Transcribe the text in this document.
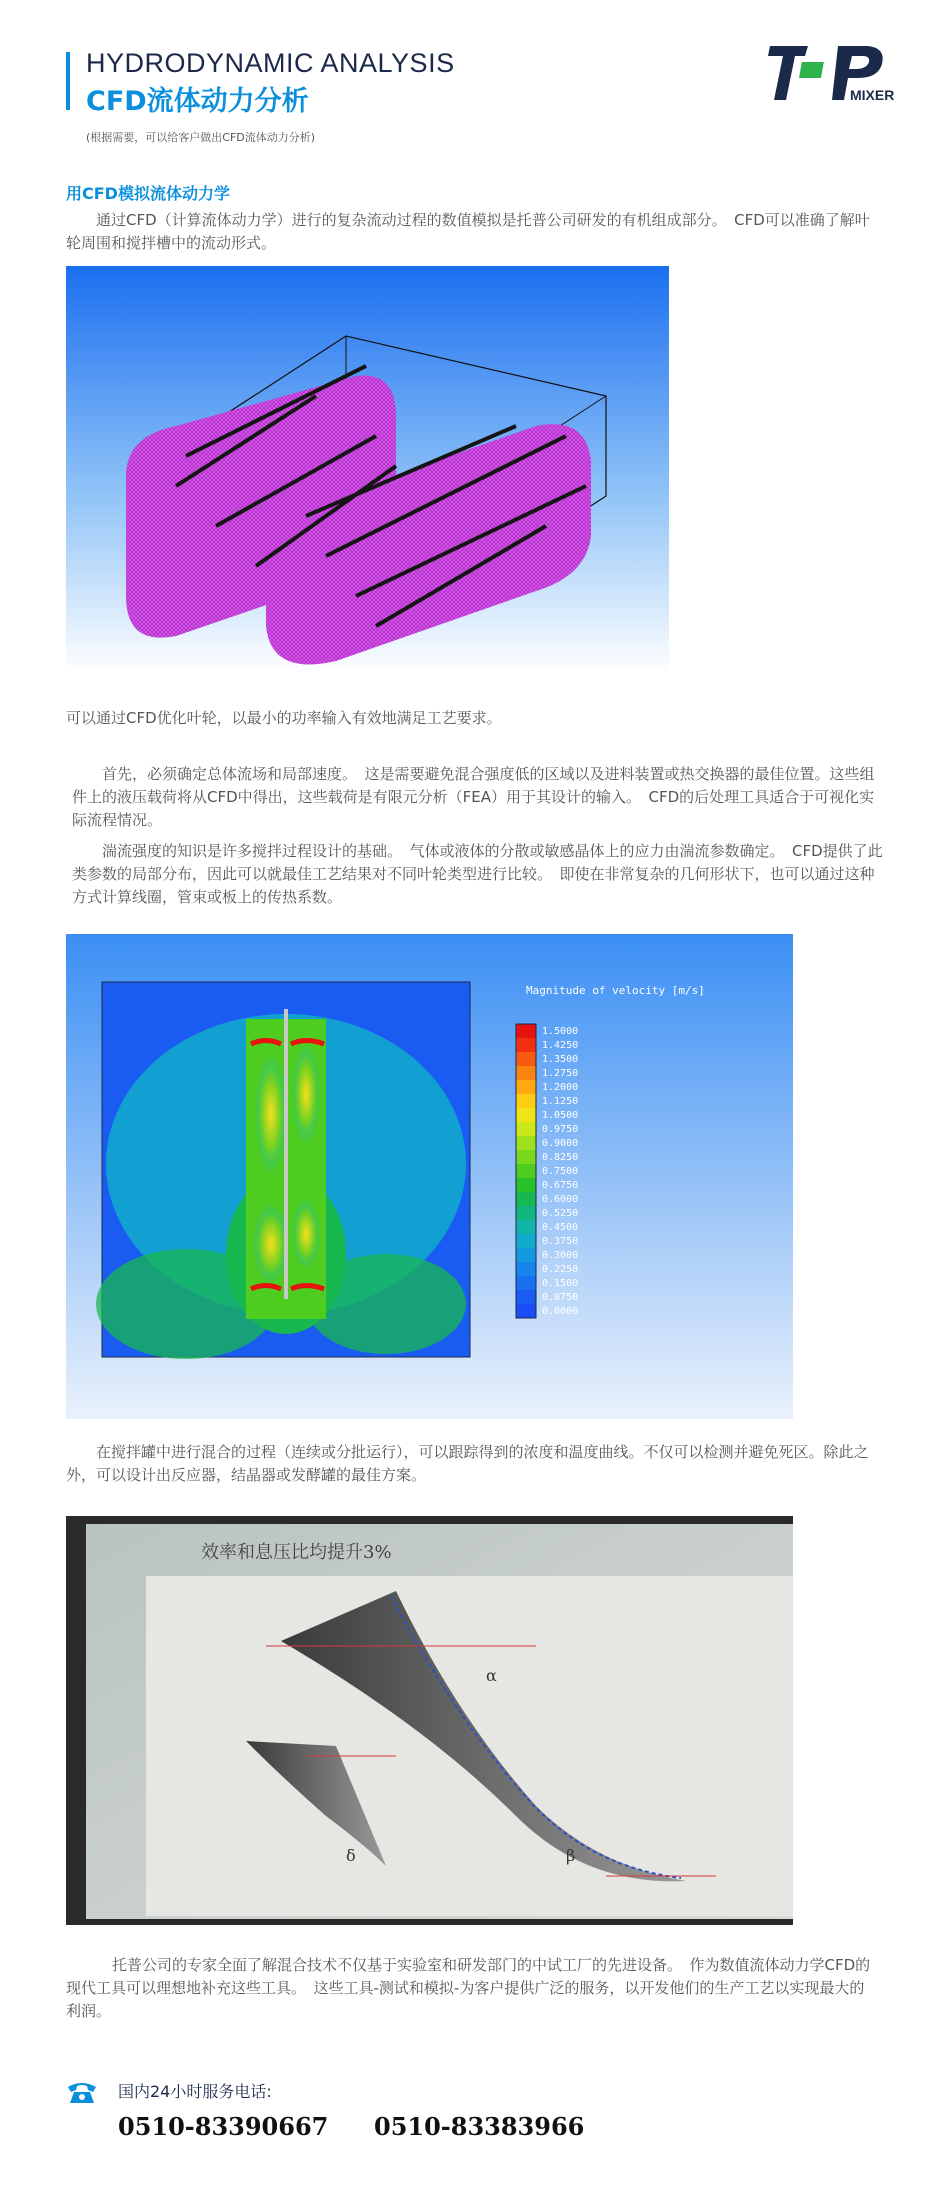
HYDRODYNAMIC ANALYSIS
CFD流体动力分析
(根据需要，可以给客户做出CFD流体动力分析)
MIXER
用CFD模拟流体动力学
通过CFD（计算流体动力学）进行的复杂流动过程的数值模拟是托普公司研发的有机组成部分。　CFD可以准确了解叶轮周围和搅拌槽中的流动形式。
可以通过CFD优化叶轮，以最小的功率输入有效地满足工艺要求。
首先，必须确定总体流场和局部速度。　这是需要避免混合强度低的区域以及进料装置或热交换器的最佳位置。这些组件上的液压载荷将从CFD中得出，这些载荷是有限元分析（FEA）用于其设计的输入。　CFD的后处理工具适合于可视化实际流程情况。
湍流强度的知识是许多搅拌过程设计的基础。　气体或液体的分散或敏感晶体上的应力由湍流参数确定。　CFD提供了此类参数的局部分布，因此可以就最佳工艺结果对不同叶轮类型进行比较。　即使在非常复杂的几何形状下，也可以通过这种方式计算线圈，管束或板上的传热系数。
Magnitude of velocity [m/s]
1.5000
1.4250
1.3500
1.2750
1.2000
1.1250
1.0500
0.9750
0.9000
0.8250
0.7500
0.6750
0.6000
0.5250
0.4500
0.3750
0.3000
0.2250
0.1500
0.0750
0.0000
在搅拌罐中进行混合的过程（连续或分批运行），可以跟踪得到的浓度和温度曲线。不仅可以检测并避免死区。除此之外，可以设计出反应器，结晶器或发酵罐的最佳方案。
效率和息压比均提升3%
α
δ	β
托普公司的专家全面了解混合技术不仅基于实验室和研发部门的中试工厂的先进设备。　作为数值流体动力学CFD的现代工具可以理想地补充这些工具。　这些工具-测试和模拟-为客户提供广泛的服务，以开发他们的生产工艺以实现最大的利润。
国内24小时服务电话:
0510-83390667 0510-83383966
